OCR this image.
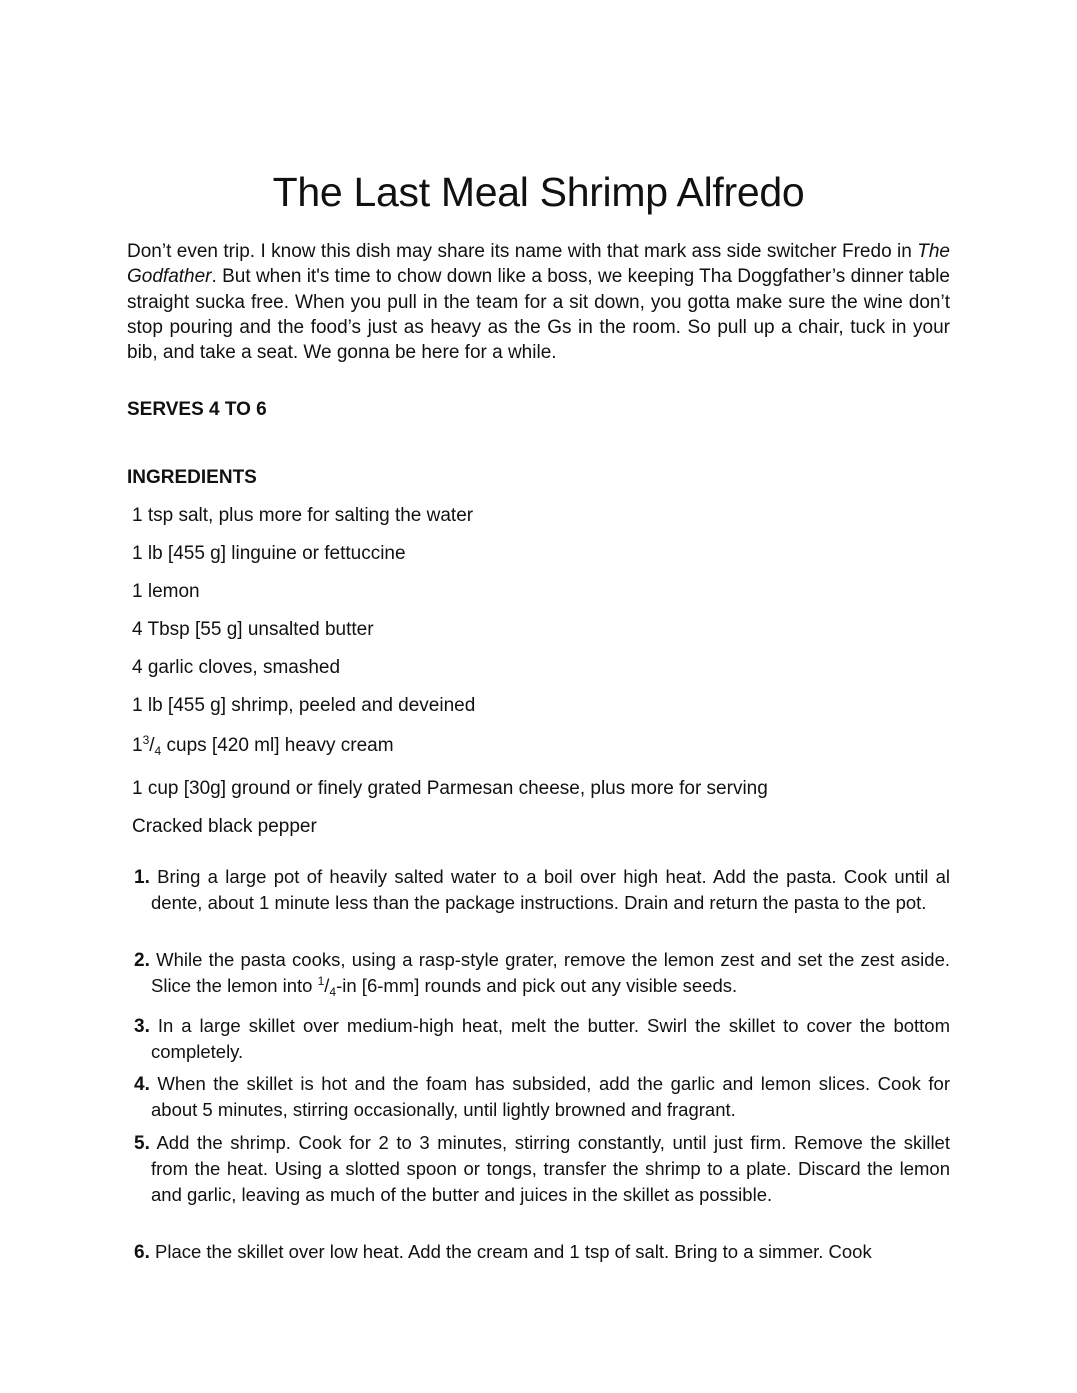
The Last Meal Shrimp Alfredo

Don’t even trip. I know this dish may share its name with that mark ass side switcher Fredo in The Godfather. But when it's time to chow down like a boss, we keeping Tha Doggfather’s dinner table straight sucka free. When you pull in the team for a sit down, you gotta make sure the wine don’t stop pouring and the food’s just as heavy as the Gs in the room. So pull up a chair, tuck in your bib, and take a seat. We gonna be here for a while.

SERVES 4 TO 6
INGREDIENTS
1 tsp salt, plus more for salting the water
1 lb [455 g] linguine or fettuccine
1 lemon
4 Tbsp [55 g] unsalted butter
4 garlic cloves, smashed
1 lb [455 g] shrimp, peeled and deveined
$1^3/_4$ cups [420 ml] heavy cream
1 cup [30g] ground or finely grated Parmesan cheese, plus more for serving
Cracked black pepper
1. Bring a large pot of heavily salted water to a boil over high heat. Add the pasta. Cook until al dente, about 1 minute less than the package instructions. Drain and return the pasta to the pot.
2. While the pasta cooks, using a rasp-style grater, remove the lemon zest and set the zest aside. Slice the lemon into $^1/_4-in$ [6-mm] rounds and pick out any visible seeds.
3. In a large skillet over medium-high heat, melt the butter. Swirl the skillet to cover the bottom completely.
4. When the skillet is hot and the foam has subsided, add the garlic and lemon slices. Cook for about 5 minutes, stirring occasionally, until lightly browned and fragrant.
5. Add the shrimp. Cook for 2 to 3 minutes, stirring constantly, until just firm. Remove the skillet from the heat. Using a slotted spoon or tongs, transfer the shrimp to a plate. Discard the lemon and garlic, leaving as much of the butter and juices in the skillet as possible.
6. Place the skillet over low heat. Add the cream and 1 tsp of salt. Bring to a simmer. Cook
